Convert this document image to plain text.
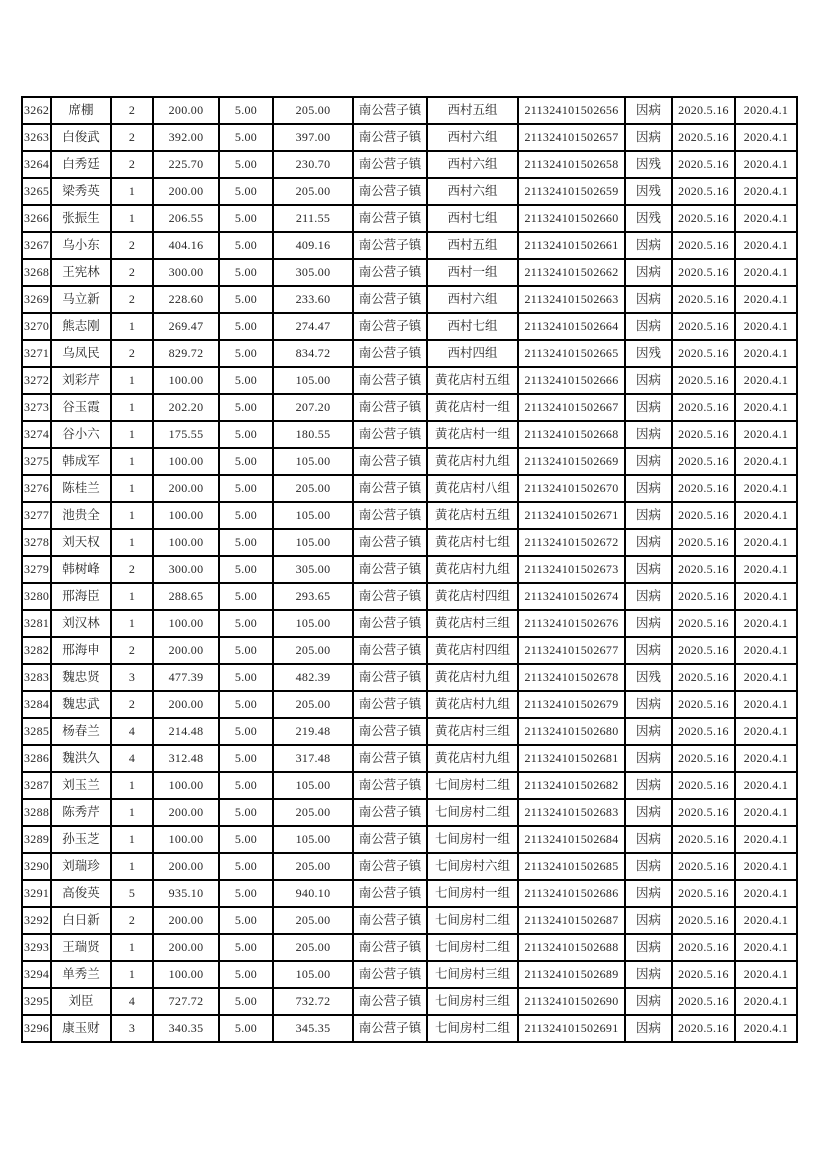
3262	席棚	2	200.00	5.00	205.00	南公营子镇	西村五组	211324101502656	因病	2020.5.16	2020.4.1
3263	白俊武	2	392.00	5.00	397.00	南公营子镇	西村六组	211324101502657	因病	2020.5.16	2020.4.1
3264	白秀廷	2	225.70	5.00	230.70	南公营子镇	西村六组	211324101502658	因残	2020.5.16	2020.4.1
3265	梁秀英	1	200.00	5.00	205.00	南公营子镇	西村六组	211324101502659	因残	2020.5.16	2020.4.1
3266	张振生	1	206.55	5.00	211.55	南公营子镇	西村七组	211324101502660	因残	2020.5.16	2020.4.1
3267	乌小东	2	404.16	5.00	409.16	南公营子镇	西村五组	211324101502661	因病	2020.5.16	2020.4.1
3268	王宪林	2	300.00	5.00	305.00	南公营子镇	西村一组	211324101502662	因病	2020.5.16	2020.4.1
3269	马立新	2	228.60	5.00	233.60	南公营子镇	西村六组	211324101502663	因病	2020.5.16	2020.4.1
3270	熊志刚	1	269.47	5.00	274.47	南公营子镇	西村七组	211324101502664	因病	2020.5.16	2020.4.1
3271	乌凤民	2	829.72	5.00	834.72	南公营子镇	西村四组	211324101502665	因残	2020.5.16	2020.4.1
3272	刘彩芹	1	100.00	5.00	105.00	南公营子镇	黄花店村五组	211324101502666	因病	2020.5.16	2020.4.1
3273	谷玉霞	1	202.20	5.00	207.20	南公营子镇	黄花店村一组	211324101502667	因病	2020.5.16	2020.4.1
3274	谷小六	1	175.55	5.00	180.55	南公营子镇	黄花店村一组	211324101502668	因病	2020.5.16	2020.4.1
3275	韩成军	1	100.00	5.00	105.00	南公营子镇	黄花店村九组	211324101502669	因病	2020.5.16	2020.4.1
3276	陈桂兰	1	200.00	5.00	205.00	南公营子镇	黄花店村八组	211324101502670	因病	2020.5.16	2020.4.1
3277	池贵全	1	100.00	5.00	105.00	南公营子镇	黄花店村五组	211324101502671	因病	2020.5.16	2020.4.1
3278	刘天权	1	100.00	5.00	105.00	南公营子镇	黄花店村七组	211324101502672	因病	2020.5.16	2020.4.1
3279	韩树峰	2	300.00	5.00	305.00	南公营子镇	黄花店村九组	211324101502673	因病	2020.5.16	2020.4.1
3280	邢海臣	1	288.65	5.00	293.65	南公营子镇	黄花店村四组	211324101502674	因病	2020.5.16	2020.4.1
3281	刘汉林	1	100.00	5.00	105.00	南公营子镇	黄花店村三组	211324101502676	因病	2020.5.16	2020.4.1
3282	邢海申	2	200.00	5.00	205.00	南公营子镇	黄花店村四组	211324101502677	因病	2020.5.16	2020.4.1
3283	魏忠贤	3	477.39	5.00	482.39	南公营子镇	黄花店村九组	211324101502678	因残	2020.5.16	2020.4.1
3284	魏忠武	2	200.00	5.00	205.00	南公营子镇	黄花店村九组	211324101502679	因病	2020.5.16	2020.4.1
3285	杨春兰	4	214.48	5.00	219.48	南公营子镇	黄花店村三组	211324101502680	因病	2020.5.16	2020.4.1
3286	魏洪久	4	312.48	5.00	317.48	南公营子镇	黄花店村九组	211324101502681	因病	2020.5.16	2020.4.1
3287	刘玉兰	1	100.00	5.00	105.00	南公营子镇	七间房村二组	211324101502682	因病	2020.5.16	2020.4.1
3288	陈秀芹	1	200.00	5.00	205.00	南公营子镇	七间房村二组	211324101502683	因病	2020.5.16	2020.4.1
3289	孙玉芝	1	100.00	5.00	105.00	南公营子镇	七间房村一组	211324101502684	因病	2020.5.16	2020.4.1
3290	刘瑞珍	1	200.00	5.00	205.00	南公营子镇	七间房村六组	211324101502685	因病	2020.5.16	2020.4.1
3291	高俊英	5	935.10	5.00	940.10	南公营子镇	七间房村一组	211324101502686	因病	2020.5.16	2020.4.1
3292	白日新	2	200.00	5.00	205.00	南公营子镇	七间房村二组	211324101502687	因病	2020.5.16	2020.4.1
3293	王瑞贤	1	200.00	5.00	205.00	南公营子镇	七间房村二组	211324101502688	因病	2020.5.16	2020.4.1
3294	单秀兰	1	100.00	5.00	105.00	南公营子镇	七间房村三组	211324101502689	因病	2020.5.16	2020.4.1
3295	刘臣	4	727.72	5.00	732.72	南公营子镇	七间房村三组	211324101502690	因病	2020.5.16	2020.4.1
3296	康玉财	3	340.35	5.00	345.35	南公营子镇	七间房村二组	211324101502691	因病	2020.5.16	2020.4.1
